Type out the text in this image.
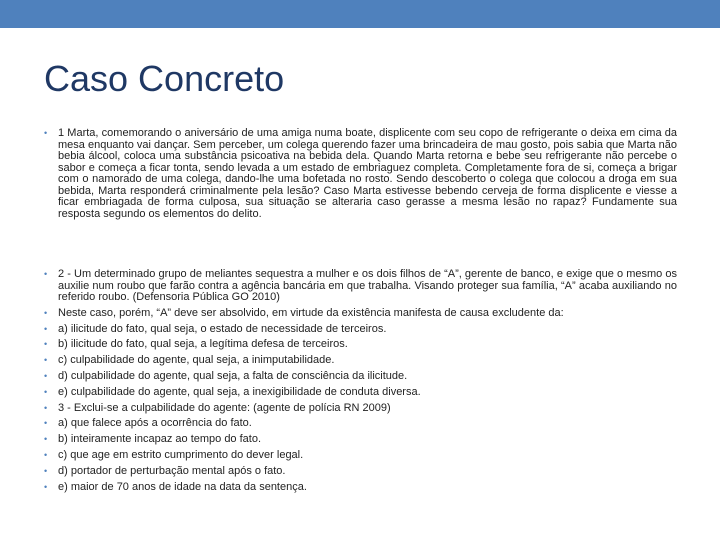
Caso Concreto
• 1 Marta, comemorando o aniversário de uma amiga numa boate, displicente com seu copo de refrigerante o deixa em cima da mesa enquanto vai dançar. Sem perceber, um colega querendo fazer uma brincadeira de mau gosto, pois sabia que Marta não bebia álcool, coloca uma substância psicoativa na bebida dela. Quando Marta retorna e bebe seu refrigerante não percebe o sabor e começa a ficar tonta, sendo levada a um estado de embriaguez completa. Completamente fora de si, começa a brigar com o namorado de uma colega, dando-lhe uma bofetada no rosto. Sendo descoberto o colega que colocou a droga em sua bebida, Marta responderá criminalmente pela lesão? Caso Marta estivesse bebendo cerveja de forma displicente e viesse a ficar embriagada de forma culposa, sua situação se alteraria caso gerasse a mesma lesão no rapaz? Fundamente sua resposta segundo os elementos do delito.
• 2 - Um determinado grupo de meliantes sequestra a mulher e os dois filhos de “A”, gerente de banco, e exige que o mesmo os auxilie num roubo que farão contra a agência bancária em que trabalha. Visando proteger sua família, “A” acaba auxiliando no referido roubo. (Defensoria Pública GO 2010)
• Neste caso, porém, “A” deve ser absolvido, em virtude da existência manifesta de causa excludente da:
• a) ilicitude do fato, qual seja, o estado de necessidade de terceiros.
• b) ilicitude do fato, qual seja, a legítima defesa de terceiros.
• c) culpabilidade do agente, qual seja, a inimputabilidade.
• d) culpabilidade do agente, qual seja, a falta de consciência da ilicitude.
• e) culpabilidade do agente, qual seja, a inexigibilidade de conduta diversa.
• 3 - Exclui-se a culpabilidade do agente: (agente de polícia RN 2009)
• a) que falece após a ocorrência do fato.
• b) inteiramente incapaz ao tempo do fato.
• c) que age em estrito cumprimento do dever legal.
• d) portador de perturbação mental após o fato.
• e) maior de 70 anos de idade na data da sentença.
